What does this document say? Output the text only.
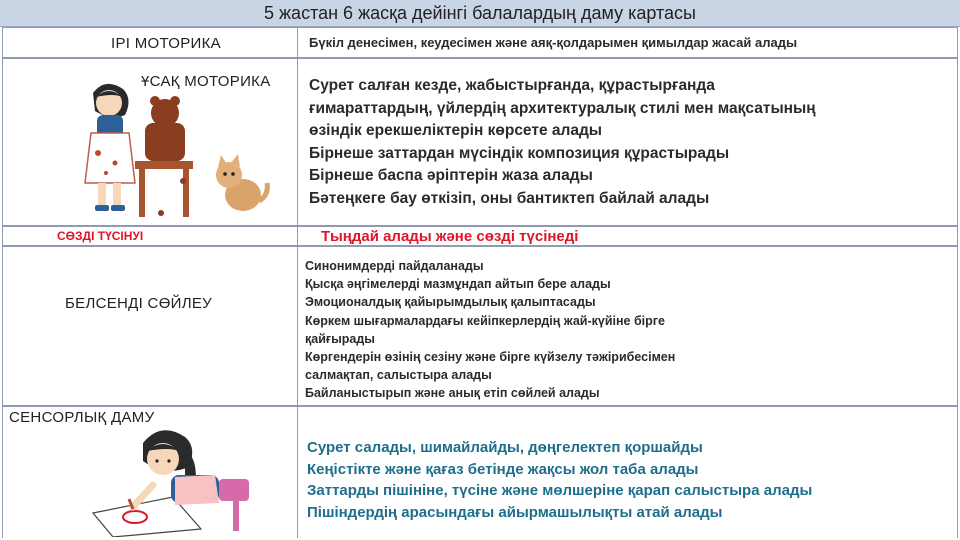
5 жастан 6 жасқа дейінгі балалардың даму картасы
ІРІ МОТОРИКА	Бүкіл денесімен, кеудесімен және аяқ-қолдарымен қимылдар жасай алады
ҰСАҚ МОТОРИКА Сурет салған кезде, жабыстырғанда, құрастырғанда
ғимараттардың, үйлердің архитектуралық стилі мен мақсатының
өзіндік ерекшеліктерін көрсете алады
Бірнеше заттардан мүсіндік композиция құрастырады
Бірнеше баспа әріптерін жаза алады
Бәтеңкеге бау өткізіп, оны бантиктеп байлай алады
СӨЗДІ ТҮСІНУІ	Тыңдай алады және сөзді түсінеді
БЕЛСЕНДІ СӨЙЛЕУ
Синонимдерді пайдаланады
Қысқа әңгімелерді мазмұндап айтып бере алады
Эмоционалдық қайырымдылық қалыптасады
Көркем шығармалардағы кейіпкерлердің жай-күйіне бірге
қайғырады
Көргендерін өзінің сезіну және бірге күйзелу тәжірибесімен
салмақтап, салыстыра алады
Байланыстырып және анық етіп сөйлей алады
СЕНСОРЛЫҚ ДАМУ
Сурет салады, шимайлайды, дөңгелектеп қоршайды
Кеңістікте және қағаз бетінде жақсы жол таба алады
Заттарды пішініне, түсіне және мөлшеріне қарап салыстыра алады
Пішіндердің арасындағы айырмашылықты атай алады
